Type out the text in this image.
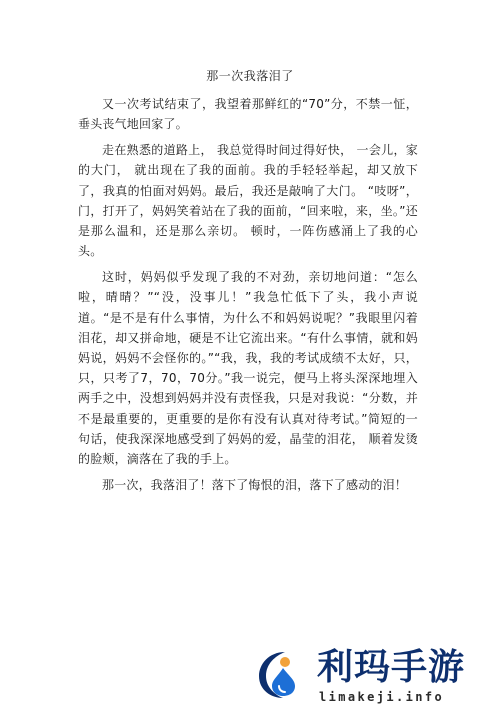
那一次我落泪了

又一次考试结束了，我望着那鲜红的“70”分，不禁一怔，垂头丧气地回家了。

走在熟悉的道路上， 我总觉得时间过得好快， 一会儿，家的大门， 就出现在了我的面前。我的手轻轻举起，却又放下了，我真的怕面对妈妈。最后，我还是敲响了大门。 “吱呀”，门，打开了，妈妈笑着站在了我的面前，“回来啦，来，坐。”还是那么温和，还是那么亲切。 顿时，一阵伤感涌上了我的心头。

这时，妈妈似乎发现了我的不对劲，亲切地问道：“怎么啦，晴晴？”“没，没事儿！”我急忙低下了头，我小声说道。“是不是有什么事情，为什么不和妈妈说呢？”我眼里闪着泪花，却又拼命地，硬是不让它流出来。“有什么事情，就和妈妈说，妈妈不会怪你的。”“我，我，我的考试成绩不太好，只，只，只考了7，70，70分。”我一说完，便马上将头深深地埋入两手之中，没想到妈妈并没有责怪我，只是对我说：“分数，并不是最重要的，更重要的是你有没有认真对待考试。”简短的一句话，使我深深地感受到了妈妈的爱，晶莹的泪花， 顺着发烫的脸颊，滴落在了我的手上。

那一次，我落泪了！落下了悔恨的泪，落下了感动的泪！

利玛手游
limakeji.info
